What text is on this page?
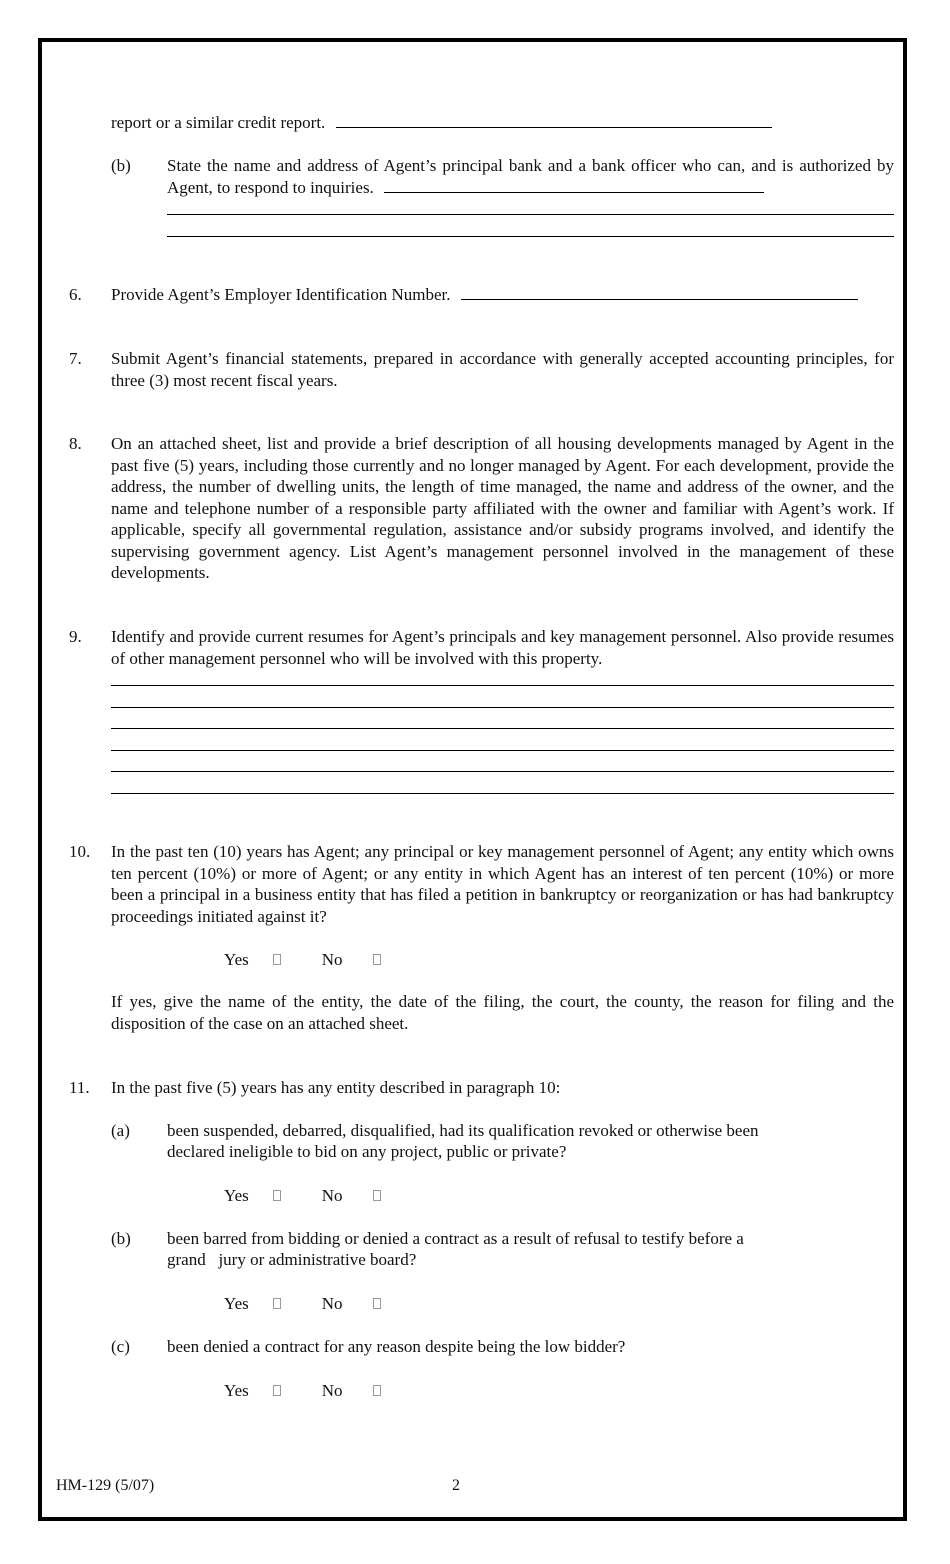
report or a similar credit report.
(b) State the name and address of Agent’s principal bank and a bank officer who can, and is authorized by Agent, to respond to inquiries.
6. Provide Agent’s Employer Identification Number.
7. Submit Agent’s financial statements, prepared in accordance with generally accepted accounting principles, for three (3) most recent fiscal years.
8. On an attached sheet, list and provide a brief description of all housing developments managed by Agent in the past five (5) years, including those currently and no longer managed by Agent. For each development, provide the address, the number of dwelling units, the length of time managed, the name and address of the owner, and the name and telephone number of a responsible party affiliated with the owner and familiar with Agent’s work. If applicable, specify all governmental regulation, assistance and/or subsidy programs involved, and identify the supervising government agency. List Agent’s management personnel involved in the management of these developments.
9. Identify and provide current resumes for Agent’s principals and key management personnel. Also provide resumes of other management personnel who will be involved with this property.
10. In the past ten (10) years has Agent; any principal or key management personnel of Agent; any entity which owns ten percent (10%) or more of Agent; or any entity in which Agent has an interest of ten percent (10%) or more been a principal in a business entity that has filed a petition in bankruptcy or reorganization or has had bankruptcy proceedings initiated against it?
Yes	No
If yes, give the name of the entity, the date of the filing, the court, the county, the reason for filing and the disposition of the case on an attached sheet.
11. In the past five (5) years has any entity described in paragraph 10:
(a) been suspended, debarred, disqualified, had its qualification revoked or otherwise been
declared ineligible to bid on any project, public or private?
Yes	No
(b) been barred from bidding or denied a contract as a result of refusal to testify before a
grand   jury or administrative board?
Yes	No
(c) been denied a contract for any reason despite being the low bidder?
Yes	No
HM-129 (5/07)	2
